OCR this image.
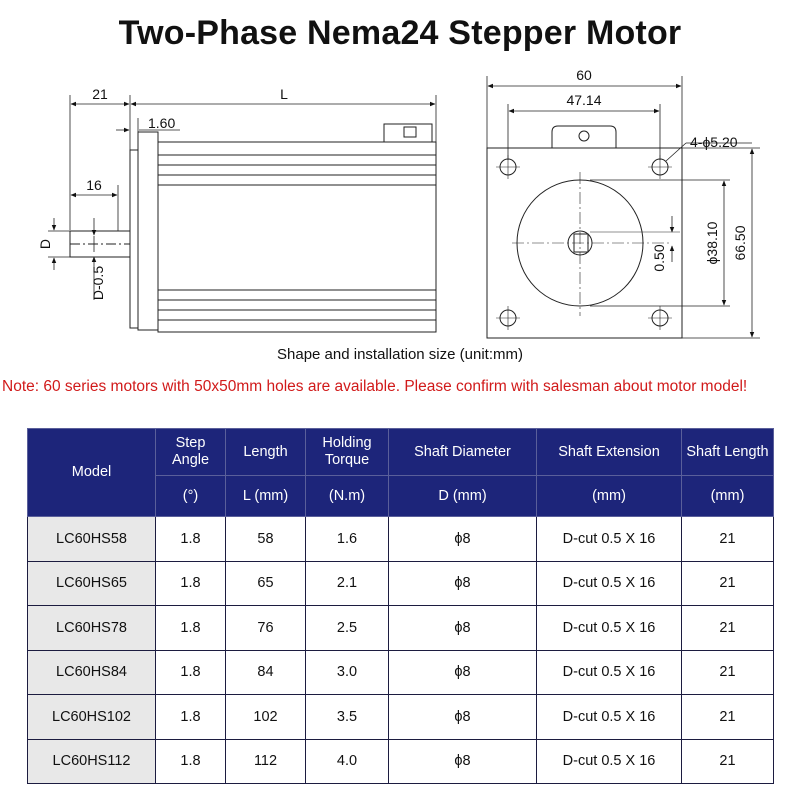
Two-Phase Nema24 Stepper Motor
21	L
1.60
16
D
D-0.5
60
47.14
4-ϕ5.20
ϕ38.10 66.50
0.50
Shape and installation size (unit:mm)
Note: 60 series motors with 50x50mm holes are available. Please confirm with salesman about motor model!
Model	Step Angle	Length	Holding Torque	Shaft Diameter	Shaft Extension	Shaft Length
	(°)	L (mm)	(N.m)	D (mm)	(mm)	(mm)
LC60HS58	1.8	58	1.6	ϕ8	D-cut 0.5 X 16	21
LC60HS65	1.8	65	2.1	ϕ8	D-cut 0.5 X 16	21
LC60HS78	1.8	76	2.5	ϕ8	D-cut 0.5 X 16	21
LC60HS84	1.8	84	3.0	ϕ8	D-cut 0.5 X 16	21
LC60HS102	1.8	102	3.5	ϕ8	D-cut 0.5 X 16	21
LC60HS112	1.8	112	4.0	ϕ8	D-cut 0.5 X 16	21
